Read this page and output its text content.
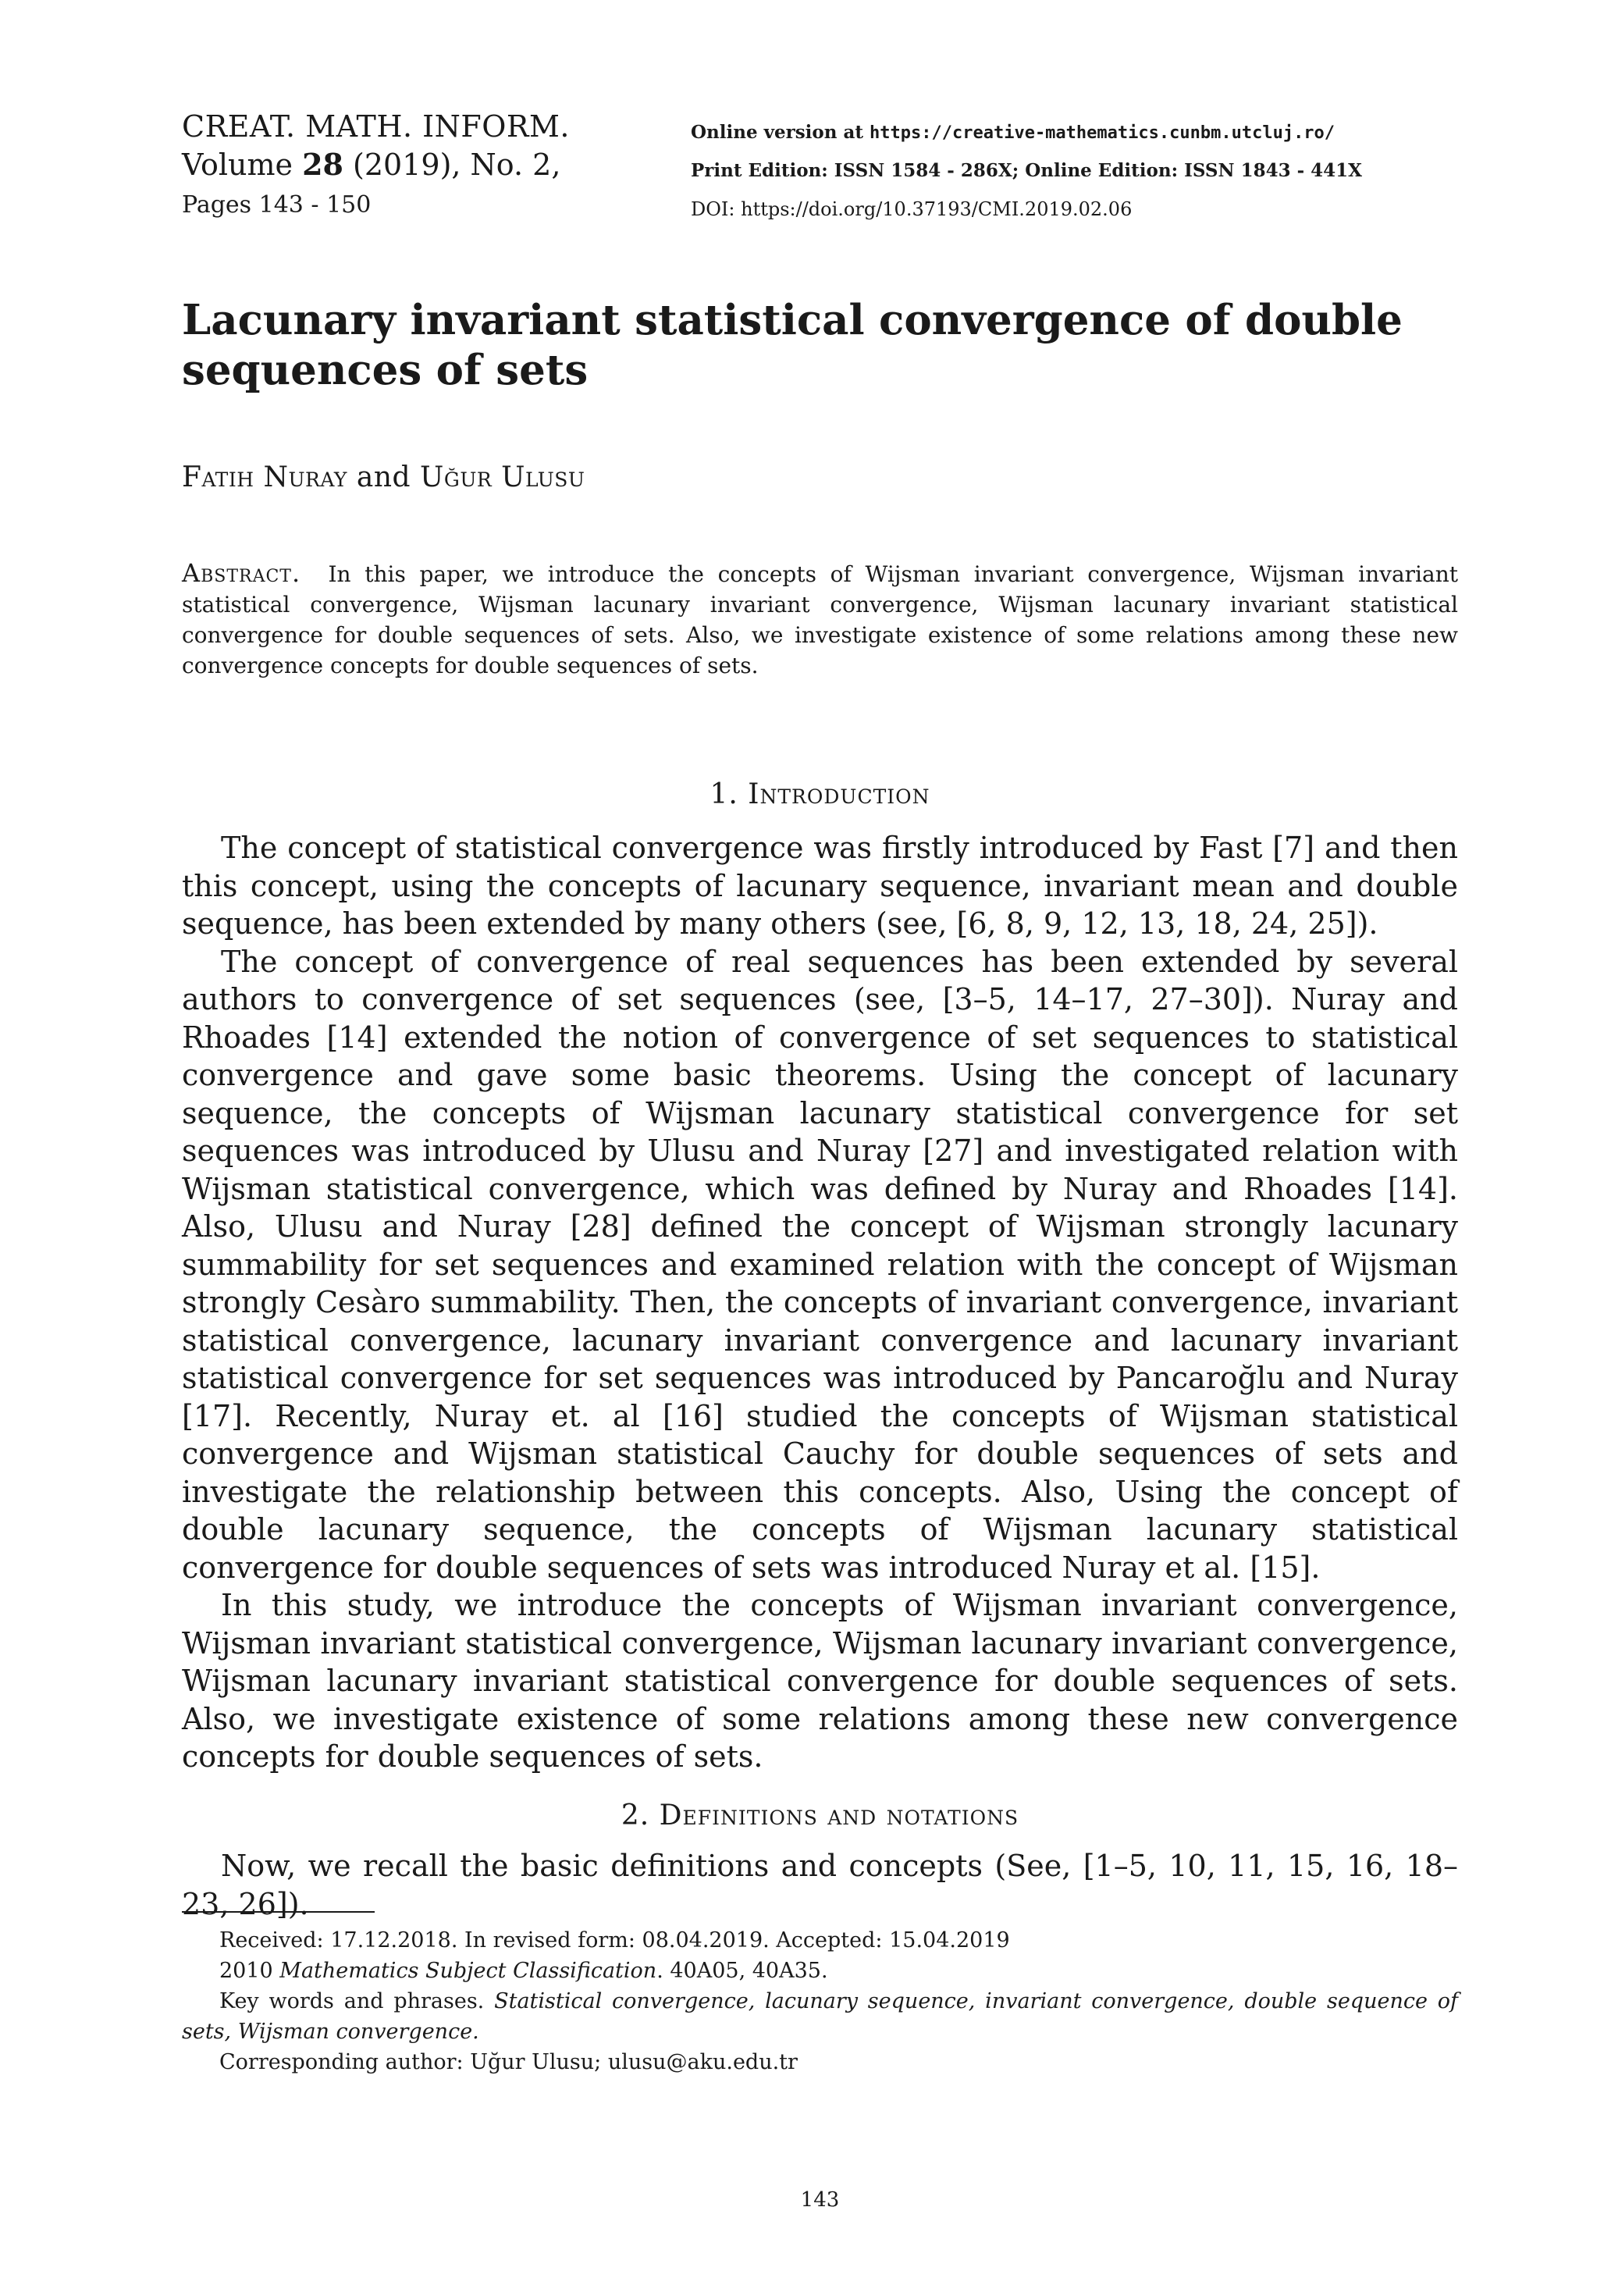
CREAT. MATH. INFORM.
Volume 28 (2019), No. 2,
Pages 143 - 150
Online version at https://creative-mathematics.cunbm.utcluj.ro/
Print Edition: ISSN 1584 - 286X; Online Edition: ISSN 1843 - 441X
DOI: https://doi.org/10.37193/CMI.2019.02.06
Lacunary invariant statistical convergence of double sequences of sets
Fatih Nuray and Uğur Ulusu
Abstract. In this paper, we introduce the concepts of Wijsman invariant convergence, Wijsman invariant statistical convergence, Wijsman lacunary invariant convergence, Wijsman lacunary invariant statistical convergence for double sequences of sets. Also, we investigate existence of some relations among these new convergence concepts for double sequences of sets.
1. Introduction

The concept of statistical convergence was firstly introduced by Fast [7] and then this concept, using the concepts of lacunary sequence, invariant mean and double sequence, has been extended by many others (see, [6, 8, 9, 12, 13, 18, 24, 25]).

The concept of convergence of real sequences has been extended by several authors to convergence of set sequences (see, [3–5, 14–17, 27–30]). Nuray and Rhoades [14] extended the notion of convergence of set sequences to statistical convergence and gave some basic theorems. Using the concept of lacunary sequence, the concepts of Wijsman lacunary statistical convergence for set sequences was introduced by Ulusu and Nuray [27] and investigated relation with Wijsman statistical convergence, which was defined by Nuray and Rhoades [14]. Also, Ulusu and Nuray [28] defined the concept of Wijsman strongly lacunary summability for set sequences and examined relation with the concept of Wijsman strongly Cesàro summability. Then, the concepts of invariant convergence, invariant statistical convergence, lacunary invariant convergence and lacunary invariant statistical convergence for set sequences was introduced by Pancaroğlu and Nuray [17]. Recently, Nuray et. al [16] studied the concepts of Wijsman statistical convergence and Wijsman statistical Cauchy for double sequences of sets and investigate the relationship between this concepts. Also, Using the concept of double lacunary sequence, the concepts of Wijsman lacunary statistical convergence for double sequences of sets was introduced Nuray et al. [15].

In this study, we introduce the concepts of Wijsman invariant convergence, Wijsman invariant statistical convergence, Wijsman lacunary invariant convergence, Wijsman lacunary invariant statistical convergence for double sequences of sets. Also, we investigate existence of some relations among these new convergence concepts for double sequences of sets.

2. Definitions and notations

Now, we recall the basic definitions and concepts (See, [1–5, 10, 11, 15, 16, 18–23, 26]).

Received: 17.12.2018. In revised form: 08.04.2019. Accepted: 15.04.2019

2010 Mathematics Subject Classification. 40A05, 40A35.

Key words and phrases. Statistical convergence, lacunary sequence, invariant convergence, double sequence of sets, Wijsman convergence.

Corresponding author: Uğur Ulusu; ulusu@aku.edu.tr

143
